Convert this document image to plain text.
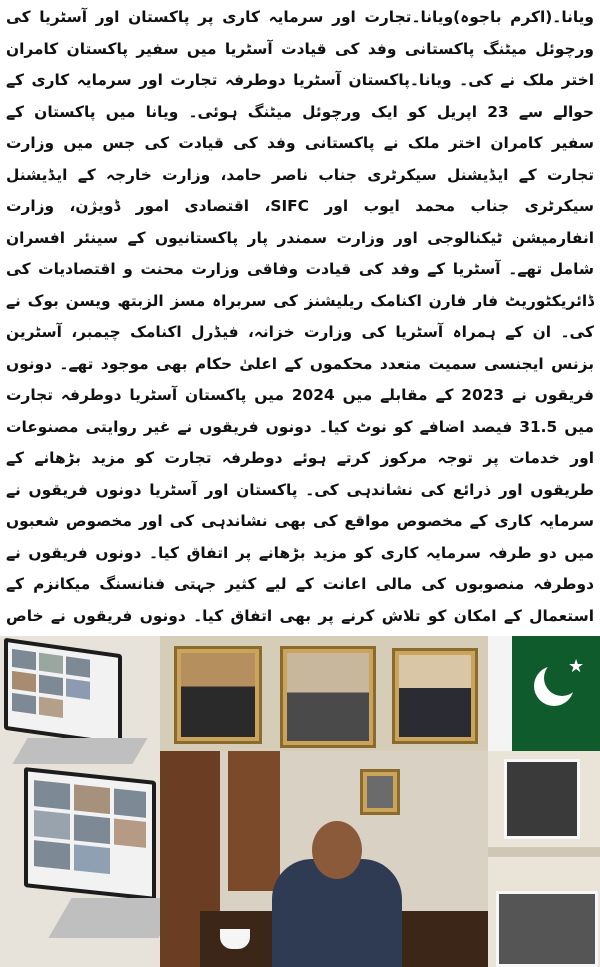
ویانا۔(اکرم باجوہ)ویانا۔تجارت اور سرمایہ کاری پر پاکستان اور آسٹریا کی ورچوئل میٹنگ پاکستانی وفد کی قیادت آسٹریا میں سفیر پاکستان کامران اختر ملک نے کی۔ ویانا۔پاکستان آسٹریا دوطرفہ تجارت اور سرمایہ کاری کے حوالے سے 23 اپریل کو ایک ورچوئل میٹنگ ہوئی۔ ویانا میں پاکستان کے سفیر کامران اختر ملک نے پاکستانی وفد کی قیادت کی جس میں وزارت تجارت کے ایڈیشنل سیکرٹری جناب ناصر حامد، وزارت خارجہ کے ایڈیشنل سیکرٹری جناب محمد ایوب اور SIFC، اقتصادی امور ڈویژن، وزارت انفارمیشن ٹیکنالوجی اور وزارت سمندر پار پاکستانیوں کے سینئر افسران شامل تھے۔ آسٹریا کے وفد کی قیادت وفاقی وزارت محنت و اقتصادیات کی ڈائریکٹوریٹ فار فارن اکنامک ریلیشنز کی سربراہ مسز الزبتھ ویسن بوک نے کی۔ ان کے ہمراہ آسٹریا کی وزارت خزانہ، فیڈرل اکنامک چیمبر، آسٹرین بزنس ایجنسی سمیت متعدد محکموں کے اعلیٰ حکام بھی موجود تھے۔ دونوں فریقوں نے 2023 کے مقابلے میں 2024 میں پاکستان آسٹریا دوطرفہ تجارت میں 31.5 فیصد اضافے کو نوٹ کیا۔ دونوں فریقوں نے غیر روایتی مصنوعات اور خدمات پر توجہ مرکوز کرتے ہوئے دوطرفہ تجارت کو مزید بڑھانے کے طریقوں اور ذرائع کی نشاندہی کی۔ پاکستان اور آسٹریا دونوں فریقوں نے سرمایہ کاری کے مخصوص مواقع کی بھی نشاندہی کی اور مخصوص شعبوں میں دو طرفہ سرمایہ کاری کو مزید بڑھانے پر اتفاق کیا۔ دونوں فریقوں نے دوطرفہ منصوبوں کی مالی اعانت کے لیے کثیر جہتی فنانسنگ میکانزم کے استعمال کے امکان کو تلاش کرنے پر بھی اتفاق کیا۔ دونوں فریقوں نے خاص
★
